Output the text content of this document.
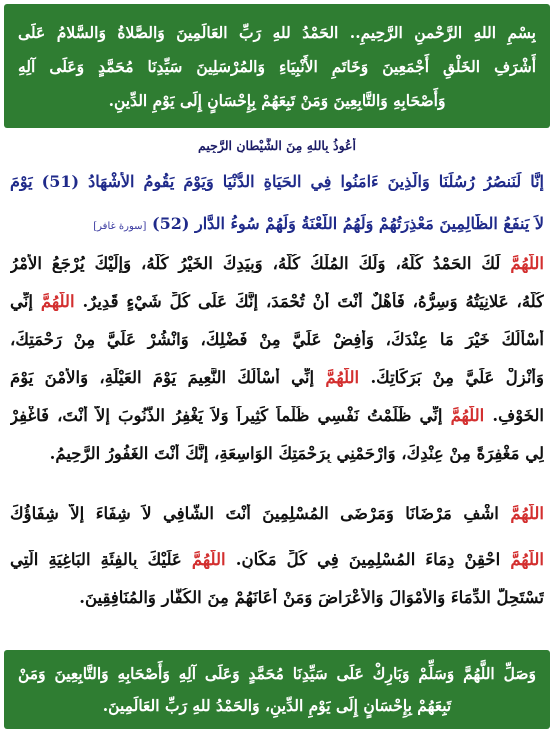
بِسْمِ اللهِ الرَّحْمنِ الرَّحِيمِ.. الحَمْدُ للهِ رَبِّ العَالَمِينَ وَالصَّلاةُ وَالسَّلامُ عَلَى
أَشْرَفِ الخَلْقِ أَجْمَعِينَ وَخَاتَمِ الأَنْبِيَاءِ وَالمُرْسَلِينَ سَيِّدِنَا مُحَمَّدٍ وَعَلَى آلِهِ
وَأَصْحَابِهِ وَالتَّابِعِينَ وَمَنْ تَبِعَهُمْ بِإِحْسَانٍ إِلَى يَوْمِ الدِّينِ.
أَعُوذُ بِاللهِ مِنَ الشَّيْطانِ الرَّجِيمِ
إِنَّا لَنَنصُرُ رُسُلَنَا وَالَّذِينَ ءَامَنُوا فِي الحَيَاةِ الدُّنْيَا وَيَوْمَ يَقُومُ الأَشْهَادُ (51) يَوْمَ
لاَ يَنفَعُ الظَّالِمِينَ مَعْذِرَتُهُمْ وَلَهُمُ اللَّعْنَةُ وَلَهُمْ سُوءُ الدَّارِ (52) [سورة غافر]
اللَّهُمَّ لَكَ الحَمْدُ كُلُّهُ، وَلَكَ المُلْكُ كُلُّهُ، وَبِيَدِكَ الخَيْرُ كُلُّهُ، وَإِلَيْكَ يُرْجَعُ الأَمْرُ
كُلُّهُ، عَلانِيَتُهُ وَسِرُّهُ، فَأَهْلٌ أَنْتَ أَنْ تُحْمَدَ، إِنَّكَ عَلَى كُلِّ شَيْءٍ قَدِيرٌ. اللَّهُمَّ إِنِّي
أَسْأَلُكَ خَيْرَ مَا عِنْدَكَ، وَأَفِضْ عَلَيَّ مِنْ فَضْلِكَ، وَانْشُرْ عَلَيَّ مِنْ رَحْمَتِكَ،
وَأَنْزِلْ عَلَيَّ مِنْ بَرَكَاتِكَ. اللَّهُمَّ إِنِّي أَسْأَلُكَ النَّعِيمَ يَوْمَ العَيْلَةِ، وَالأَمْنَ يَوْمَ
الخَوْفِ. اللَّهُمَّ إِنِّي ظَلَمْتُ نَفْسِي ظُلْماً كَثِيراً وَلاَ يَغْفِرُ الذُّنُوبَ إِلاَّ أَنْتَ، فَاغْفِرْ
لِي مَغْفِرَةً مِنْ عِنْدِكَ، وَارْحَمْنِي بِرَحْمَتِكَ الوَاسِعَةِ، إِنَّكَ أَنْتَ الغَفُورُ الرَّحِيمُ.
اللَّهُمَّ اشْفِ مَرْضَانَا وَمَرْضَى المُسْلِمِينَ أَنْتَ الشَّافِي لاَ شِفَاءَ إِلاَّ شِفَاؤُكَ
اللَّهُمَّ احْقِنْ دِمَاءَ المُسْلِمِينَ فِي كُلِّ مَكَانٍ. اللَّهُمَّ عَلَيْكَ بِالفِئَةِ البَاغِيَةِ الَّتِي
تَسْتَحِلُّ الدِّمَاءَ وَالأَمْوَالَ وَالأَعْرَاضَ وَمَنْ أَعَانَهُمْ مِنَ الكُفَّارِ وَالمُنَافِقِينَ.
وَصَلِّ اللَّهُمَّ وَسَلِّمْ وَبَارِكْ عَلَى سَيِّدِنَا مُحَمَّدٍ وَعَلَى آلِهِ وَأَصْحَابِهِ وَالتَّابِعِينَ وَمَنْ
تَبِعَهُمْ بِإِحْسَانٍ إِلَى يَوْمِ الدِّينِ، وَالحَمْدُ للهِ رَبِّ العَالَمِينَ.
